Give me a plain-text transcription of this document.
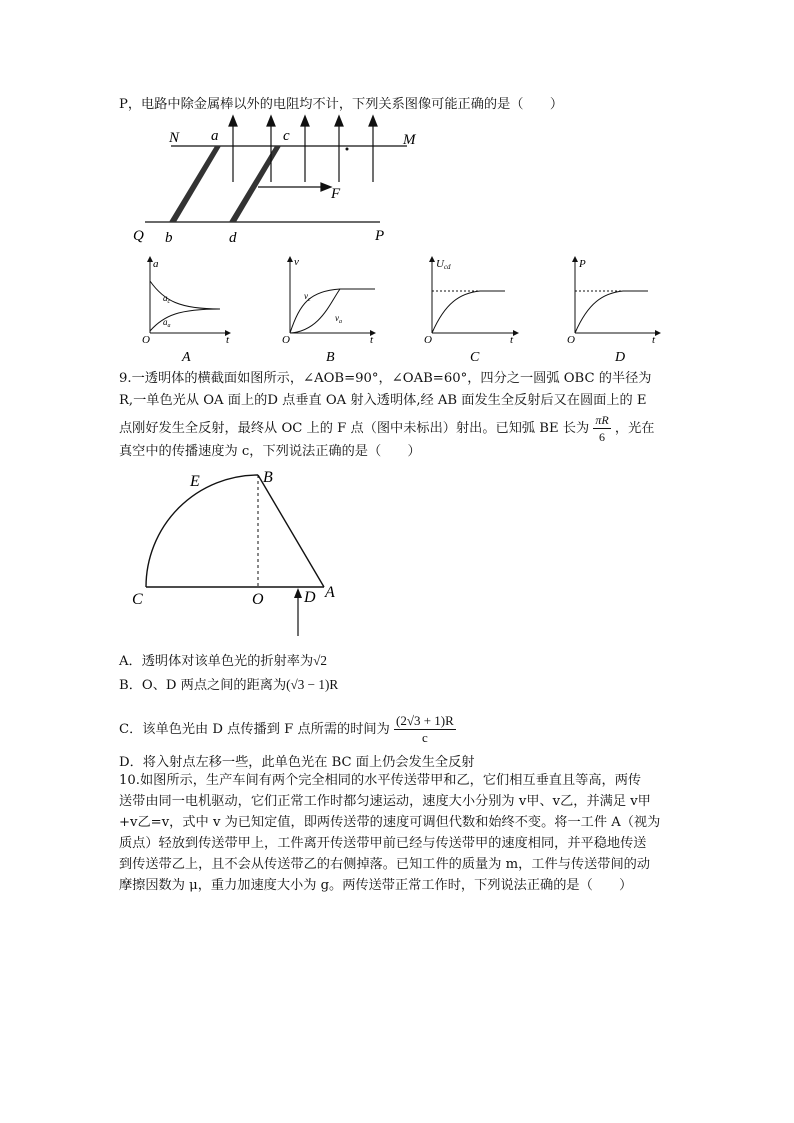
P，电路中除金属棒以外的电阻均不计，下列关系图像可能正确的是（　　）
N a	c	M
F
Q b	d	P
a
$a_c$
$a_a$
O	t
A
v
$v_c$
$v_a$
O	t
B
Ucd
O	t
C
P
O	t
D
9.一透明体的横截面如图所示，∠AOB=90°，∠OAB=60°，四分之一圆弧 OBC 的半径为
R,一单色光从 OA 面上的D 点垂直 OA 射入透明体,经 AB 面发生全反射后又在圆面上的 E
点刚好发生全反射，最终从 OC 上的 F 点（图中未标出）射出。已知弧 BE 长为 $\frac{\pi R}{6}$ ，光在
真空中的传播速度为 c，下列说法正确的是（　　）
E	B
C	O	D A
A．透明体对该单色光的折射率为√2
B．O、D 两点之间的距离为(√3 − 1)R
C．该单色光由 D 点传播到 F 点所需的时间为 $\frac{(2√3 + 1)R}{c}$
D．将入射点左移一些，此单色光在 BC 面上仍会发生全反射
10.如图所示，生产车间有两个完全相同的水平传送带甲和乙，它们相互垂直且等高，两传
送带由同一电机驱动，它们正常工作时都匀速运动，速度大小分别为 v甲、v乙，并满足 v甲
+v乙=v，式中 v 为已知定值，即两传送带的速度可调但代数和始终不变。将一工件 A（视为
质点）轻放到传送带甲上，工件离开传送带甲前已经与传送带甲的速度相同，并平稳地传送
到传送带乙上，且不会从传送带乙的右侧掉落。已知工件的质量为 m，工件与传送带间的动
摩擦因数为 μ，重力加速度大小为 g。两传送带正常工作时，下列说法正确的是（　　）
